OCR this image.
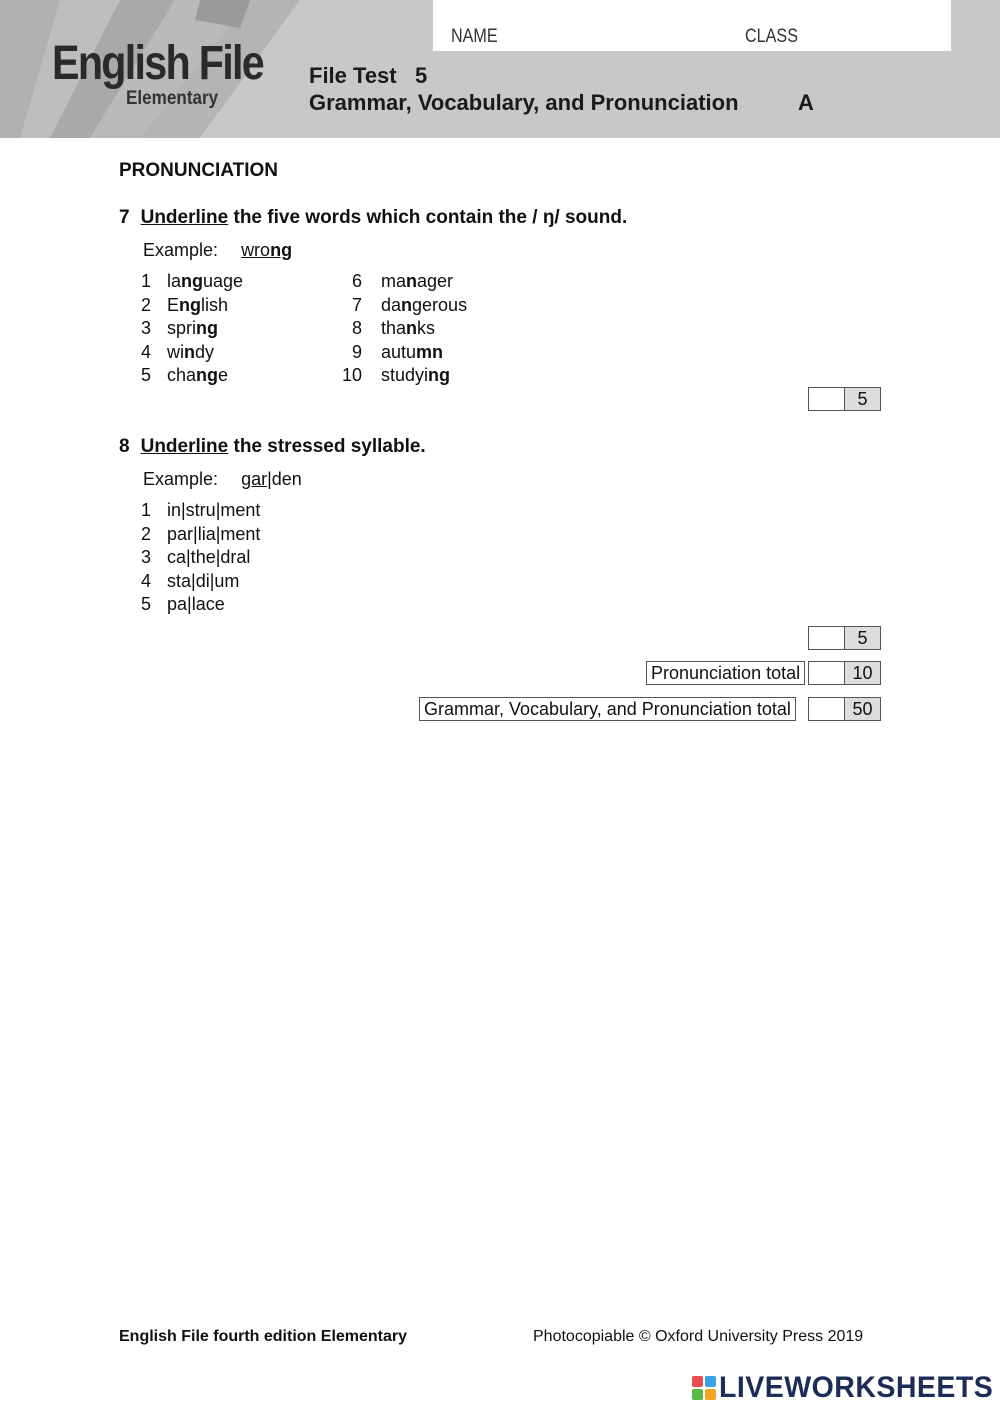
NAME	CLASS
English File
Elementary
File Test   5
Grammar, Vocabulary, and Pronunciation	A
PRONUNCIATION
7 Underline the five words which contain the / ŋ/ sound.
Example: wrong
1 language
2 English
3 spring
4 windy
5 change
6 manager
7 dangerous
8 thanks
9 autumn
10 studying
5
8 Underline the stressed syllable.
Example: gar|den
1 in|stru|ment
2 par|lia|ment
3 ca|the|dral
4 sta|di|um
5 pa|lace
5
Pronunciation total	10
Grammar, Vocabulary, and Pronunciation total	50
English File fourth edition Elementary	Photocopiable © Oxford University Press 2019
LIVEWORKSHEETS
